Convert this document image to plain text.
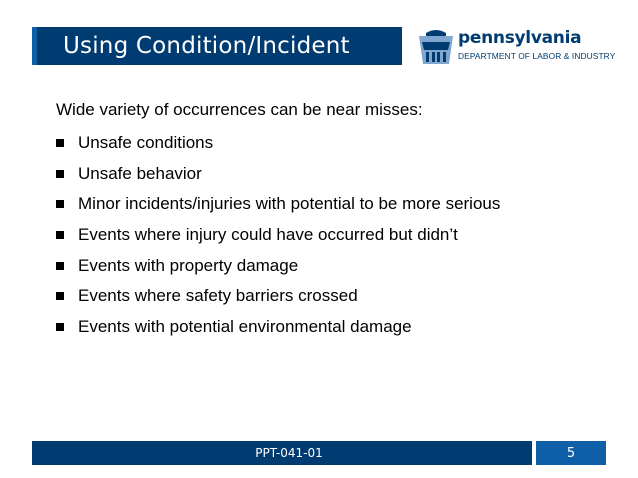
Using Condition/Incident	pennsylvania
DEPARTMENT OF LABOR & INDUSTRY

Wide variety of occurrences can be near misses:

Unsafe conditions
Unsafe behavior
Minor incidents/injuries with potential to be more serious
Events where injury could have occurred but didn’t
Events with property damage
Events where safety barriers crossed
Events with potential environmental damage
PPT-041-01	5
